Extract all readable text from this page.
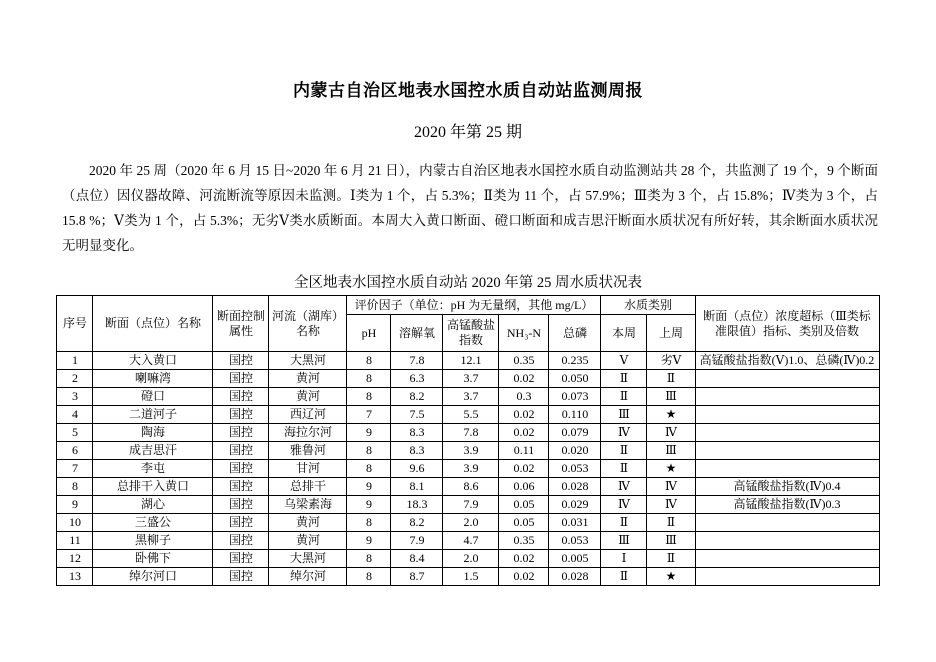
内蒙古自治区地表水国控水质自动站监测周报
2020 年第 25 期

2020 年 25 周（2020 年 6 月 15 日~2020 年 6 月 21 日），内蒙古自治区地表水国控水质自动监测站共 28 个，共监测了 19 个，9 个断面（点位）因仪器故障、河流断流等原因未监测。Ⅰ类为 1 个，占 5.3%；Ⅱ类为 11 个，占 57.9%；Ⅲ类为 3 个，占 15.8%；Ⅳ类为 3 个，占 15.8 %；Ⅴ类为 1 个，占 5.3%；无劣Ⅴ类水质断面。本周大入黄口断面、磴口断面和成吉思汗断面水质状况有所好转，其余断面水质状况无明显变化。

全区地表水国控水质自动站 2020 年第 25 周水质状况表
序号	断面（点位）名称	断面控制属性	河流（湖库）名称	评价因子（单位：pH 为无量纲，其他 mg/L）					水质类别		断面（点位）浓度超标（Ⅲ类标准限值）指标、类别及倍数
				pH	溶解氧	高锰酸盐指数	NH₃-N	总磷	本周	上周	
1	大入黄口	国控	大黑河	8	7.8	12.1	0.35	0.235	Ⅴ	劣Ⅴ	高锰酸盐指数(Ⅴ)1.0、总磷(Ⅳ)0.2
2	喇嘛湾	国控	黄河	8	6.3	3.7	0.02	0.050	Ⅱ	Ⅱ	
3	磴口	国控	黄河	8	8.2	3.7	0.3	0.073	Ⅱ	Ⅲ	
4	二道河子	国控	西辽河	7	7.5	5.5	0.02	0.110	Ⅲ	★	
5	陶海	国控	海拉尔河	9	8.3	7.8	0.02	0.079	Ⅳ	Ⅳ	
6	成吉思汗	国控	雅鲁河	8	8.3	3.9	0.11	0.020	Ⅱ	Ⅲ	
7	李屯	国控	甘河	8	9.6	3.9	0.02	0.053	Ⅱ	★	
8	总排干入黄口	国控	总排干	9	8.1	8.6	0.06	0.028	Ⅳ	Ⅳ	高锰酸盐指数(Ⅳ)0.4
9	湖心	国控	乌梁素海	9	18.3	7.9	0.05	0.029	Ⅳ	Ⅳ	高锰酸盐指数(Ⅳ)0.3
10	三盛公	国控	黄河	8	8.2	2.0	0.05	0.031	Ⅱ	Ⅱ	
11	黑柳子	国控	黄河	9	7.9	4.7	0.35	0.053	Ⅲ	Ⅲ	
12	卧佛下	国控	大黑河	8	8.4	2.0	0.02	0.005	Ⅰ	Ⅱ	
13	绰尔河口	国控	绰尔河	8	8.7	1.5	0.02	0.028	Ⅱ	★	
